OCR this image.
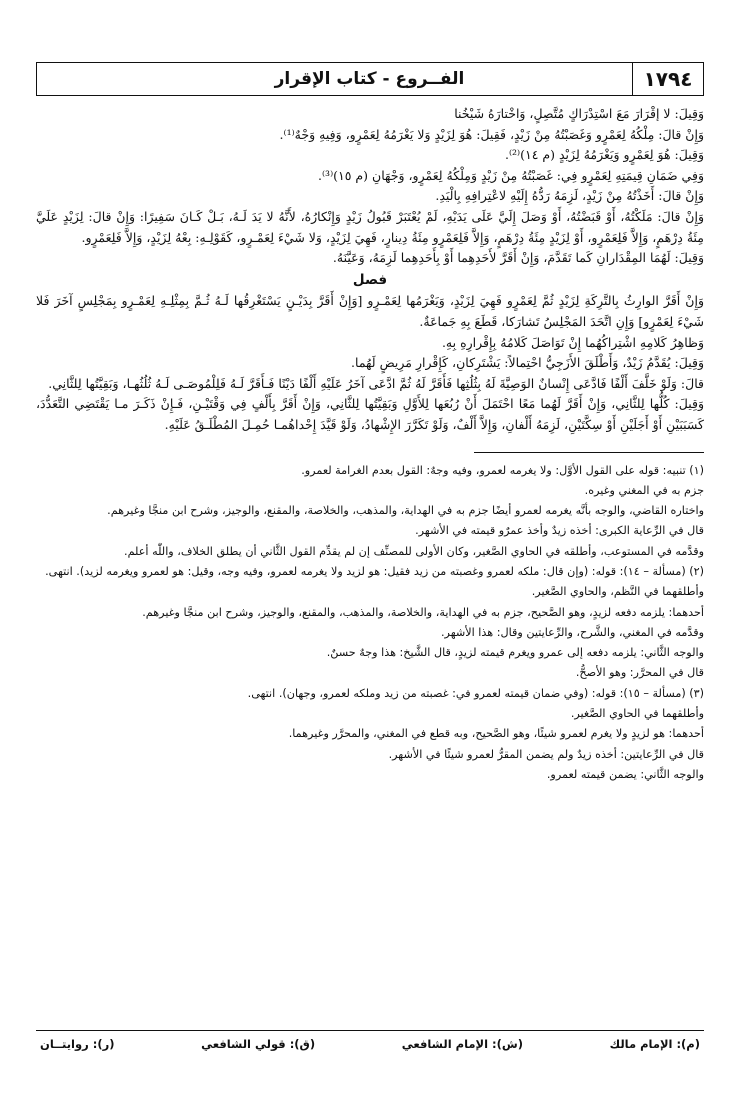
١٧٩٤
الفــروع - كتاب الإقرار

وَقِيلَ: لا إقْرَارَ مَعَ اسْتِدْرَاكٍ مُتَّصِلٍ، وَاخْتارَهُ شَيْخُنا

وَإِنْ قالَ: مِلْكُهُ لِعَمْرٍو وَغَصَبْتُهُ مِنْ زَيْدٍ، فَقِيلَ: هُوَ لِزَيْدٍ وَلا يَغْرَمُهُ لِعَمْرٍو، وَفِيهِ وَجْهٌ⁽¹⁾.

وَقِيلَ: هُوَ لِعَمْرٍو وَيَغْرَمُهُ لِزَيْدٍ (م ١٤)⁽²⁾.

وَفِي ضَمَانِ قِيمَتِهِ لِعَمْرٍو فِي: غَصَبْتُهُ مِنْ زَيْدٍ وَمِلْكُهُ لِعَمْرٍو، وَجْهَانِ (م ١٥)⁽³⁾.

وَإِنْ قالَ: أَخَذْتُهُ مِنْ زَيْدٍ، لَزِمَهُ رَدُّهُ إِلَيْهِ لاعْتِرافِهِ بِالْيَدِ.

وَإِنْ قالَ: مَلَكْتُهُ، أَوْ قَبَضْتُهُ، أَوْ وَصَلَ إِلَيَّ عَلَى يَدَيْهِ، لَمْ يُعْتَبَرْ قَبُولُ زَيْدٍ وَإِنْكارُهُ، لأَنَّهُ لا يَدَ لَـهُ، بَـلْ كَـانَ سَفِيرًا: وَإِنْ قالَ: لِزَيْدٍ عَلَيَّ مِئَةُ دِرْهَمٍ، وَإِلاَّ فَلِعَمْرٍو، أَوْ لِزَيْدٍ مِئَةُ دِرْهَمٍ، وَإِلاَّ فَلِعَمْرٍو مِئَةُ دِينارٍ، فَهِيَ لِزَيْدٍ، وَلا شَيْءَ لِعَمْـرٍو، كَقَوْلِـهِ: بِعْهُ لِزَيْدٍ، وَإِلاَّ فَلِعَمْرٍو.

وَقِيلَ: لَهُمَا المِقْدَارانِ كَما تَقَدَّمَ، وَإِنْ أَقَرَّ لأَحَدِهِما أَوْ بِأَحَدِهِما لَزِمَهُ، وَعَيَّنَهُ.

فصل

وَإِنْ أَقَرَّ الوارِثُ بِالتَّرِكَةِ لِزَيْدٍ ثُمَّ لِعَمْرٍو فَهِيَ لِزَيْدٍ، وَيَغْرَمُها لِعَمْـرٍو [وَإِنْ أَقَرَّ بِدَيْـنٍ يَسْتَغْرِقُها لَـهُ ثُـمَّ بِمِثْلِـهِ لِعَمْـرٍو بِمَجْلِسٍ آخَرَ فَلا شَيْءَ لِعَمْرٍو] وَإِنِ اتَّحَدَ المَجْلِسُ تَشارَكا، قَطَعَ بِهِ جَماعَةٌ.

وَظاهِرُ كَلامِهِ اشْتِراكُهُما إِنْ تَوَاصَلَ كَلامُهُ بِإِقْرارِهِ بِهِ.

وَقِيلَ: يُقَدَّمُ زَيْدٌ، وَأَطْلَقَ الأَزَجِيُّ احْتِمالاً: يَشْتَرِكانِ، كَإِقْرارِ مَرِيضٍ لَهُما.

قالَ: وَلَوْ خَلَّفَ أَلْفًا فَادَّعَى إِنْسانٌ الوَصِيَّةَ لَهُ بِثُلُثِها فَأَقَرَّ لَهُ ثُمَّ ادَّعَى آخَرُ عَلَيْهِ أَلْفًا دَيْنًا فَـأَقَرَّ لَـهُ فَلِلْمُوصَـى لَـهُ ثُلُثُهـا، وَبَقِيَّتُها لِلثَّانِي.

وَقِيلَ: كُلُّها لِلثَّانِي، وَإِنْ أَقَرَّ لَهُما مَعًا احْتَمَلَ أَنْ رُبُعَها لِلأَوَّلِ وَبَقِيَّتُها لِلثَّانِي، وَإِنْ أَقَرَّ بِأَلْفٍ فِي وَقْتَيْـنِ، فَـإِنْ ذَكَـرَ مـا يَقْتَضِي التَّعَدُّدَ، كَسَبَبَيْنِ أَوْ أَجَلَيْنِ أَوْ سِكَّتَيْنِ، لَزِمَهُ أَلْفانِ، وَإِلاَّ أَلْفٌ، وَلَوْ تَكَرَّرَ الإِشْهادُ، وَلَوْ قَيَّدَ إِحْداهُمـا حُمِـلَ المُطْلَـقُ عَلَيْهِ.

(١) تنبيه: قوله على القول الأوَّل: ولا يغرمه لعمرو، وفيه وجهٌ: القول بعدم الغرامة لعمرو.

جزم به في المغني وغيره.

واختاره القاضي، والوجه بأنَّه يغرمه لعمرو أيضًا جزم به في الهداية، والمذهب، والخلاصة، والمقنع، والوجيز، وشرح ابن منجَّا وغيرهم.

قال في الرِّعاية الكبرى: أخذه زيدٌ وأخذ عمرٌو قيمته في الأشهر.

وقدَّمه في المستوعب، وأطلقه في الحاوي الصَّغير، وكان الأولى للمصنِّف إن لم يقدِّم القول الثَّاني أن يطلق الخلاف، واللّٰه أعلم.

(٢) (مسألة – ١٤): قوله: (وإن قال: ملكه لعمرو وغصبته من زيد فقيل: هو لزيد ولا يغرمه لعمرو، وفيه وجه، وقيل: هو لعمرو ويغرمه لزيد). انتهى.

وأطلقهما في النَّظم، والحاوي الصَّغير.

أحدهما: يلزمه دفعه لزيدٍ، وهو الصَّحيح، جزم به في الهداية، والخلاصة، والمذهب، والمقنع، والوجيز، وشرح ابن منجَّا وغيرهم.

وقدَّمه في المغني، والشَّرح، والرِّعايتين وقال: هذا الأشهر.

والوجه الثَّاني: يلزمه دفعه إلى عمرو ويغرم قيمته لزيدٍ، قال الشَّيخ: هذا وجهٌ حسنٌ.

قال في المحرَّر: وهو الأصحُّ.

(٣) (مسألة – ١٥): قوله: (وفي ضمان قيمته لعمرو في: غصبته من زيد وملكه لعمرو، وجهان). انتهى.

وأطلقهما في الحاوي الصَّغير.

أحدهما: هو لزيدٍ ولا يغرم لعمرو شيئًا، وهو الصَّحيح، وبه قطع في المغني، والمحرَّر وغيرهما.

قال في الرِّعايتين: أخذه زيدٌ ولم يضمن المقرُّ لعمرو شيئًا في الأشهر.

والوجه الثَّاني: يضمن قيمته لعمرو.

(م): الإمام مالك
(ش): الإمام الشافعي
(ق): قولي الشافعي
(ر): روايتــان
